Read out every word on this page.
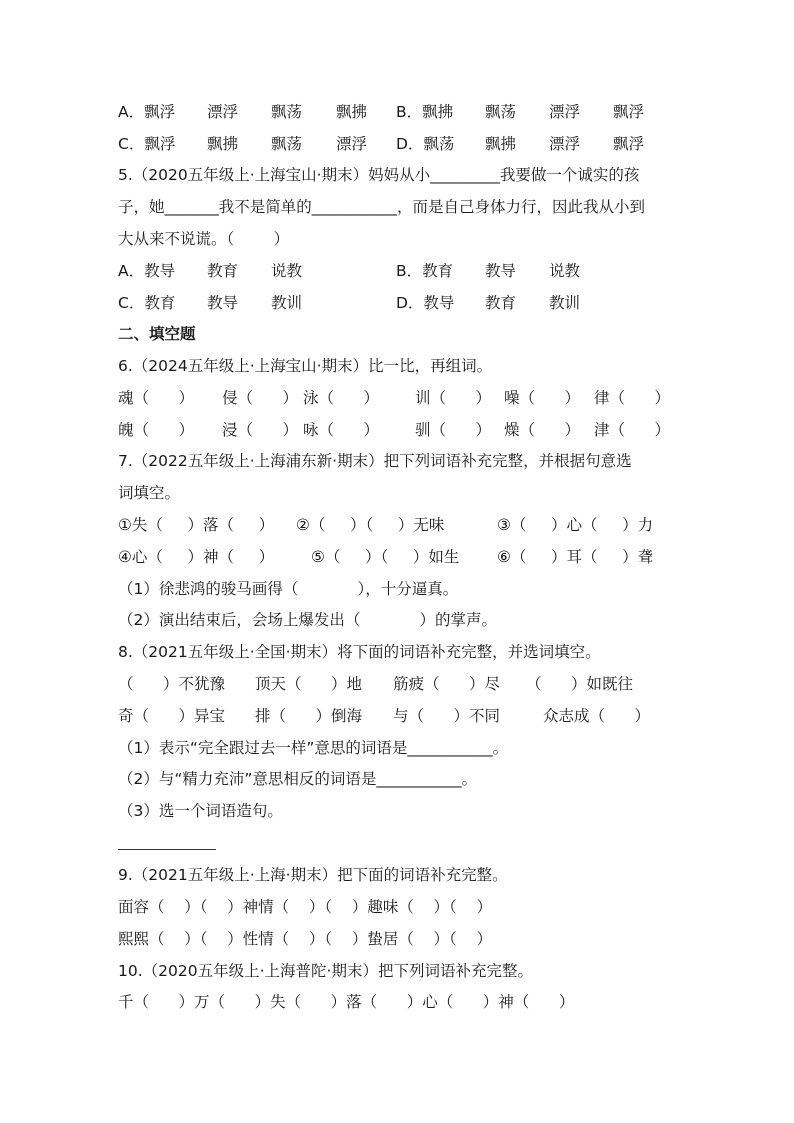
A．飘浮 漂浮 飘荡 飘拂 B．飘拂 飘荡 漂浮 飘浮
C．飘浮 飘拂 飘荡 漂浮 D．飘荡 飘拂 漂浮 飘浮
5.（2020五年级上·上海宝山·期末）妈妈从小_________我要做一个诚实的孩
子，她_______我不是简单的___________，而是自己身体力行，因此我从小到
大从来不说谎。（        ）
A．教导 教育 说教	B．教育 教导 说教
C．教育 教导 教训	D．教导 教育 教训
二、填空题
6.（2024五年级上·上海宝山·期末）比一比，再组词。
魂（      ） 侵（      ） 泳（      ） 训（      ） 噪（      ） 律（      ）
魄（      ） 浸（      ） 咏（      ） 驯（      ） 燥（      ） 津（      ）
7.（2022五年级上·上海浦东新·期末）把下列词语补充完整，并根据句意选
词填空。
①失（     ）落（     ） ②（     ）（     ）无味	③（     ）心（     ）力
④心（     ）神（     ） ⑤（     ）（     ）如生 ⑥（     ）耳（     ）聋
（1）徐悲鸿的骏马画得（            ），十分逼真。
（2）演出结束后，会场上爆发出（            ）的掌声。
8.（2021五年级上·全国·期末）将下面的词语补充完整，并选词填空。
（      ）不犹豫 顶天（      ）地 筋疲（      ）尽 （      ）如既往
奇（      ）异宝 排（      ）倒海 与（      ）不同	众志成（      ）
（1）表示“完全跟过去一样”意思的词语是___________。
（2）与“精力充沛”意思相反的词语是___________。
（3）选一个词语造句。
9.（2021五年级上·上海·期末）把下面的词语补充完整。
面容（    ）（    ）神情（    ）（    ）趣味（    ）（    ）
熙熙（    ）（    ）性情（    ）（    ）蛰居（    ）（    ）
10.（2020五年级上·上海普陀·期末）把下列词语补充完整。
千（      ）万（      ）失（      ）落（      ）心（      ）神（      ）
